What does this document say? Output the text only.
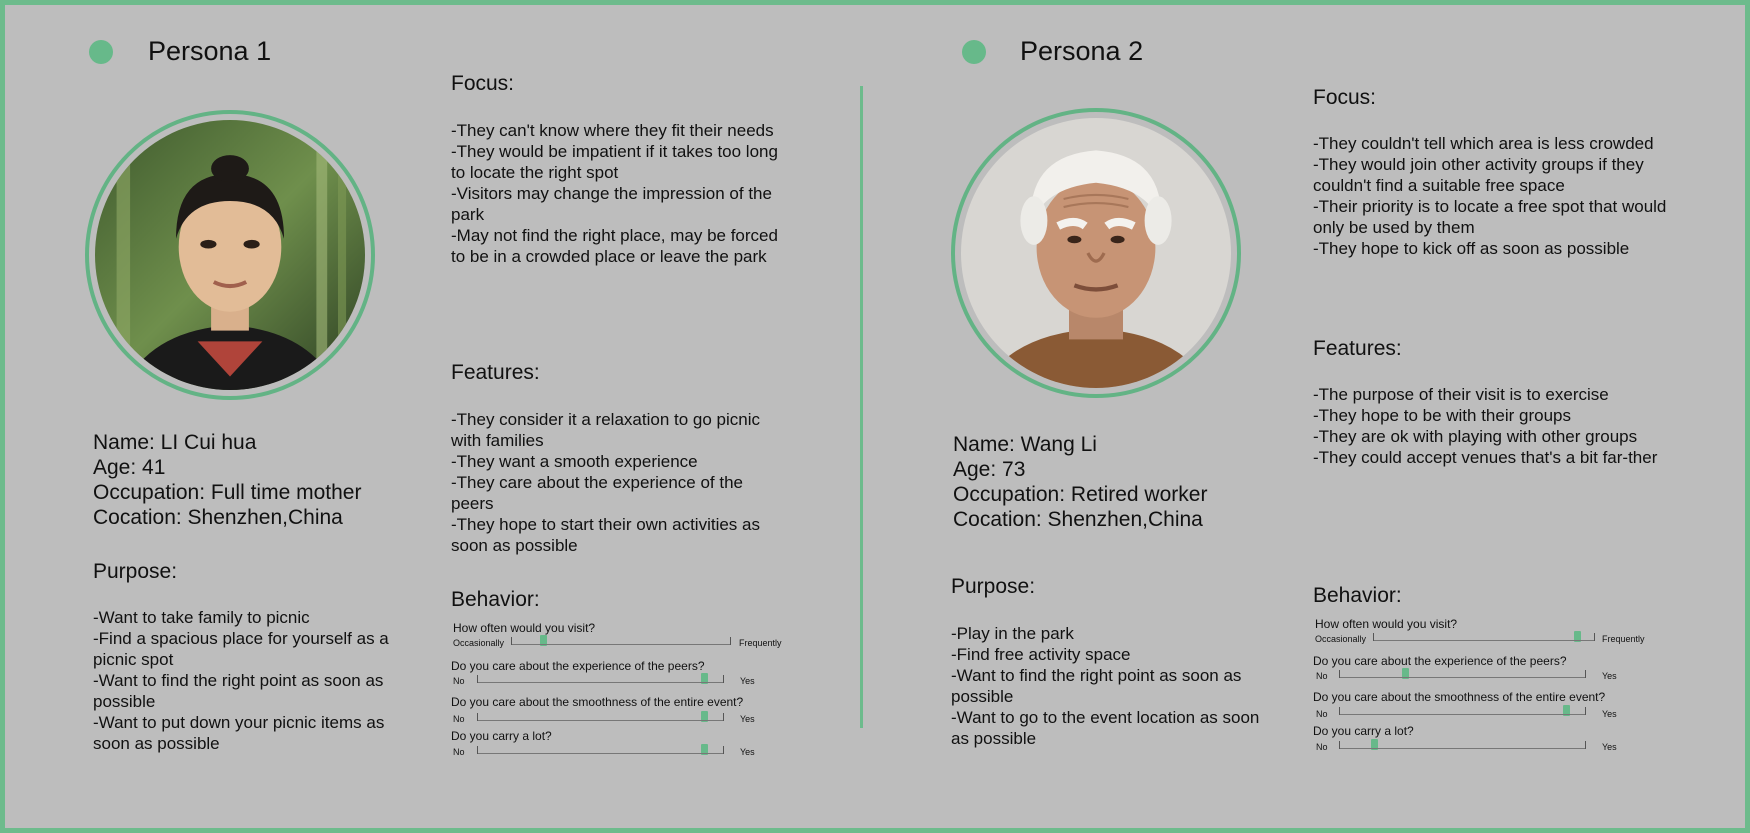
Persona 1
Name: LI Cui hua
Age: 41
Occupation: Full time mother
Cocation: Shenzhen,China
Purpose:
-Want to take family to picnic
-Find a spacious place for yourself as a picnic spot
-Want to find the right point as soon as possible
-Want to put down your picnic items as soon as possible
Focus:
-They can't know where they fit their needs
-They would be impatient if it takes too long to locate the right spot
-Visitors may change the impression of the park
-May not find the right place, may be forced to be in a crowded place or leave the park
Features:
-They consider it a relaxation to go picnic with families
-They want a smooth experience
-They care about the experience of the peers
-They hope to start their own activities as soon as possible
Behavior:
How often would you visit?
Occasionally	Frequently
Do you care about the experience of the peers?
No	Yes
Do you care about the smoothness of the entire event?
No	Yes
Do you carry a lot?
No	Yes
Persona 2
Name: Wang Li
Age: 73
Occupation: Retired worker
Cocation: Shenzhen,China
Purpose:
-Play in the park
-Find free activity space
-Want to find the right point as soon as possible
-Want to go to the event location as soon as possible
Focus:
-They couldn't tell which area is less crowded
-They would join other activity groups if they couldn't find a suitable free space
-Their priority is to locate a free spot that would only be used by them
-They hope to kick off as soon as possible
Features:
-The purpose of their visit is to exercise
-They hope to be with their groups
-They are ok with playing with other groups
-They could accept venues that's a bit far-ther
Behavior:
How often would you visit?
Occasionally	Frequently
Do you care about the experience of the peers?
No	Yes
Do you care about the smoothness of the entire event?
No	Yes
Do you carry a lot?
No	Yes
